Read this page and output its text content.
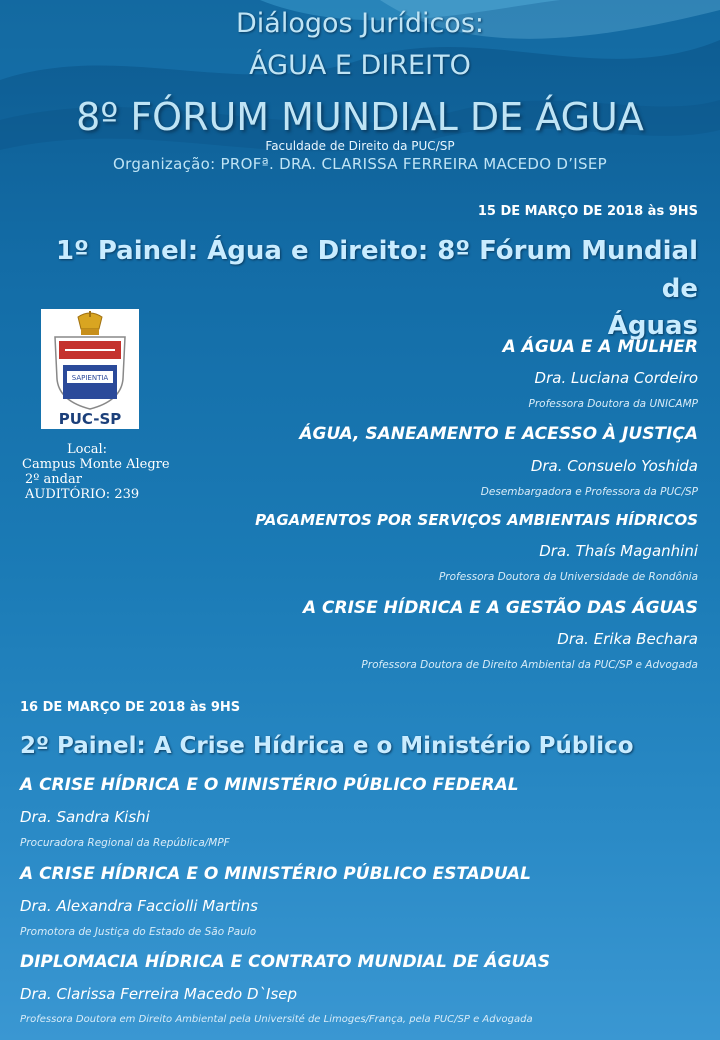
Diálogos Jurídicos:
ÁGUA E DIREITO
8º FÓRUM MUNDIAL DE ÁGUA
Faculdade de Direito da PUC/SP
Organização: PROFª. DRA. CLARISSA FERREIRA MACEDO D’ISEP
15 DE MARÇO DE 2018 às 9HS
1º Painel: Água e Direito: 8º Fórum Mundial de
Águas
SAPIENTIA
PUC-SP
Local:
Campus Monte Alegre
2º andar
AUDITÓRIO: 239
A ÁGUA E A MULHER
Dra. Luciana Cordeiro
Professora Doutora da UNICAMP
ÁGUA, SANEAMENTO E ACESSO À JUSTIÇA
Dra. Consuelo Yoshida
Desembargadora e Professora da PUC/SP
PAGAMENTOS POR SERVIÇOS AMBIENTAIS HÍDRICOS
Dra. Thaís Maganhini
Professora Doutora da Universidade de Rondônia
A CRISE HÍDRICA E A GESTÃO DAS ÁGUAS
Dra. Erika Bechara
Professora Doutora de Direito Ambiental da PUC/SP e Advogada
16 DE MARÇO DE 2018 às 9HS
2º Painel: A Crise Hídrica e o Ministério Público
A CRISE HÍDRICA E O MINISTÉRIO PÚBLICO FEDERAL
Dra. Sandra Kishi
Procuradora Regional da República/MPF
A CRISE HÍDRICA E O MINISTÉRIO PÚBLICO ESTADUAL
Dra. Alexandra Facciolli Martins
Promotora de Justiça do Estado de São Paulo
DIPLOMACIA HÍDRICA E CONTRATO MUNDIAL DE ÁGUAS
Dra. Clarissa Ferreira Macedo D`Isep
Professora Doutora em Direito Ambiental pela Université de Limoges/França, pela PUC/SP e Advogada
